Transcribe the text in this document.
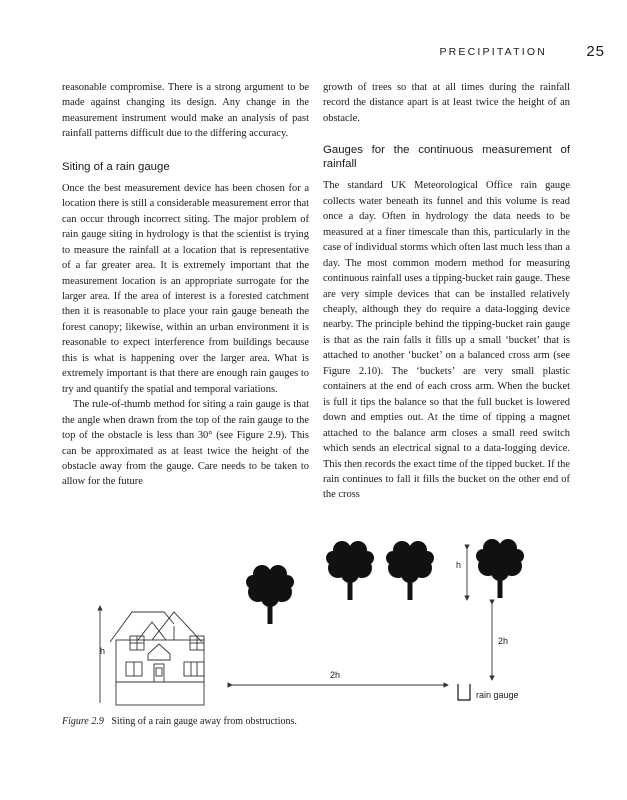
PRECIPITATION	25

reasonable compromise. There is a strong argument to be made against changing its design. Any change in the measurement instrument would make an analysis of past rainfall patterns difficult due to the differing accuracy.

Siting of a rain gauge

Once the best measurement device has been chosen for a location there is still a considerable measurement error that can occur through incorrect siting. The major problem of rain gauge siting in hydrology is that the scientist is trying to measure the rainfall at a location that is representative of a far greater area. It is extremely important that the measurement location is an appropriate surrogate for the larger area. If the area of interest is a forested catchment then it is reasonable to place your rain gauge beneath the forest canopy; likewise, within an urban environment it is reasonable to expect interference from buildings because this is what is happening over the larger area. What is extremely important is that there are enough rain gauges to try and quantify the spatial and temporal variations.

The rule-of-thumb method for siting a rain gauge is that the angle when drawn from the top of the rain gauge to the top of the obstacle is less than 30° (see Figure 2.9). This can be approximated as at least twice the height of the obstacle away from the gauge. Care needs to be taken to allow for the future

growth of trees so that at all times during the rainfall record the distance apart is at least twice the height of an obstacle.

Gauges for the continuous measurement of rainfall

The standard UK Meteorological Office rain gauge collects water beneath its funnel and this volume is read once a day. Often in hydrology the data needs to be measured at a finer timescale than this, particularly in the case of individual storms which often last much less than a day. The most common modern method for measuring continuous rainfall uses a tipping-bucket rain gauge. These are very simple devices that can be installed relatively cheaply, although they do require a data-logging device nearby. The principle behind the tipping-bucket rain gauge is that as the rain falls it fills up a small ‘bucket’ that is attached to another ‘bucket’ on a balanced cross arm (see Figure 2.10). The ‘buckets’ are very small plastic containers at the end of each cross arm. When the bucket is full it tips the balance so that the full bucket is lowered down and empties out. At the time of tipping a magnet attached to the balance arm closes a small reed switch which sends an electrical signal to a data-logging device. This then records the exact time of the tipped bucket. If the rain continues to fall it fills the bucket on the other end of the cross

h
h
2h
2h
rain gauge
Figure 2.9 Siting of a rain gauge away from obstructions.
